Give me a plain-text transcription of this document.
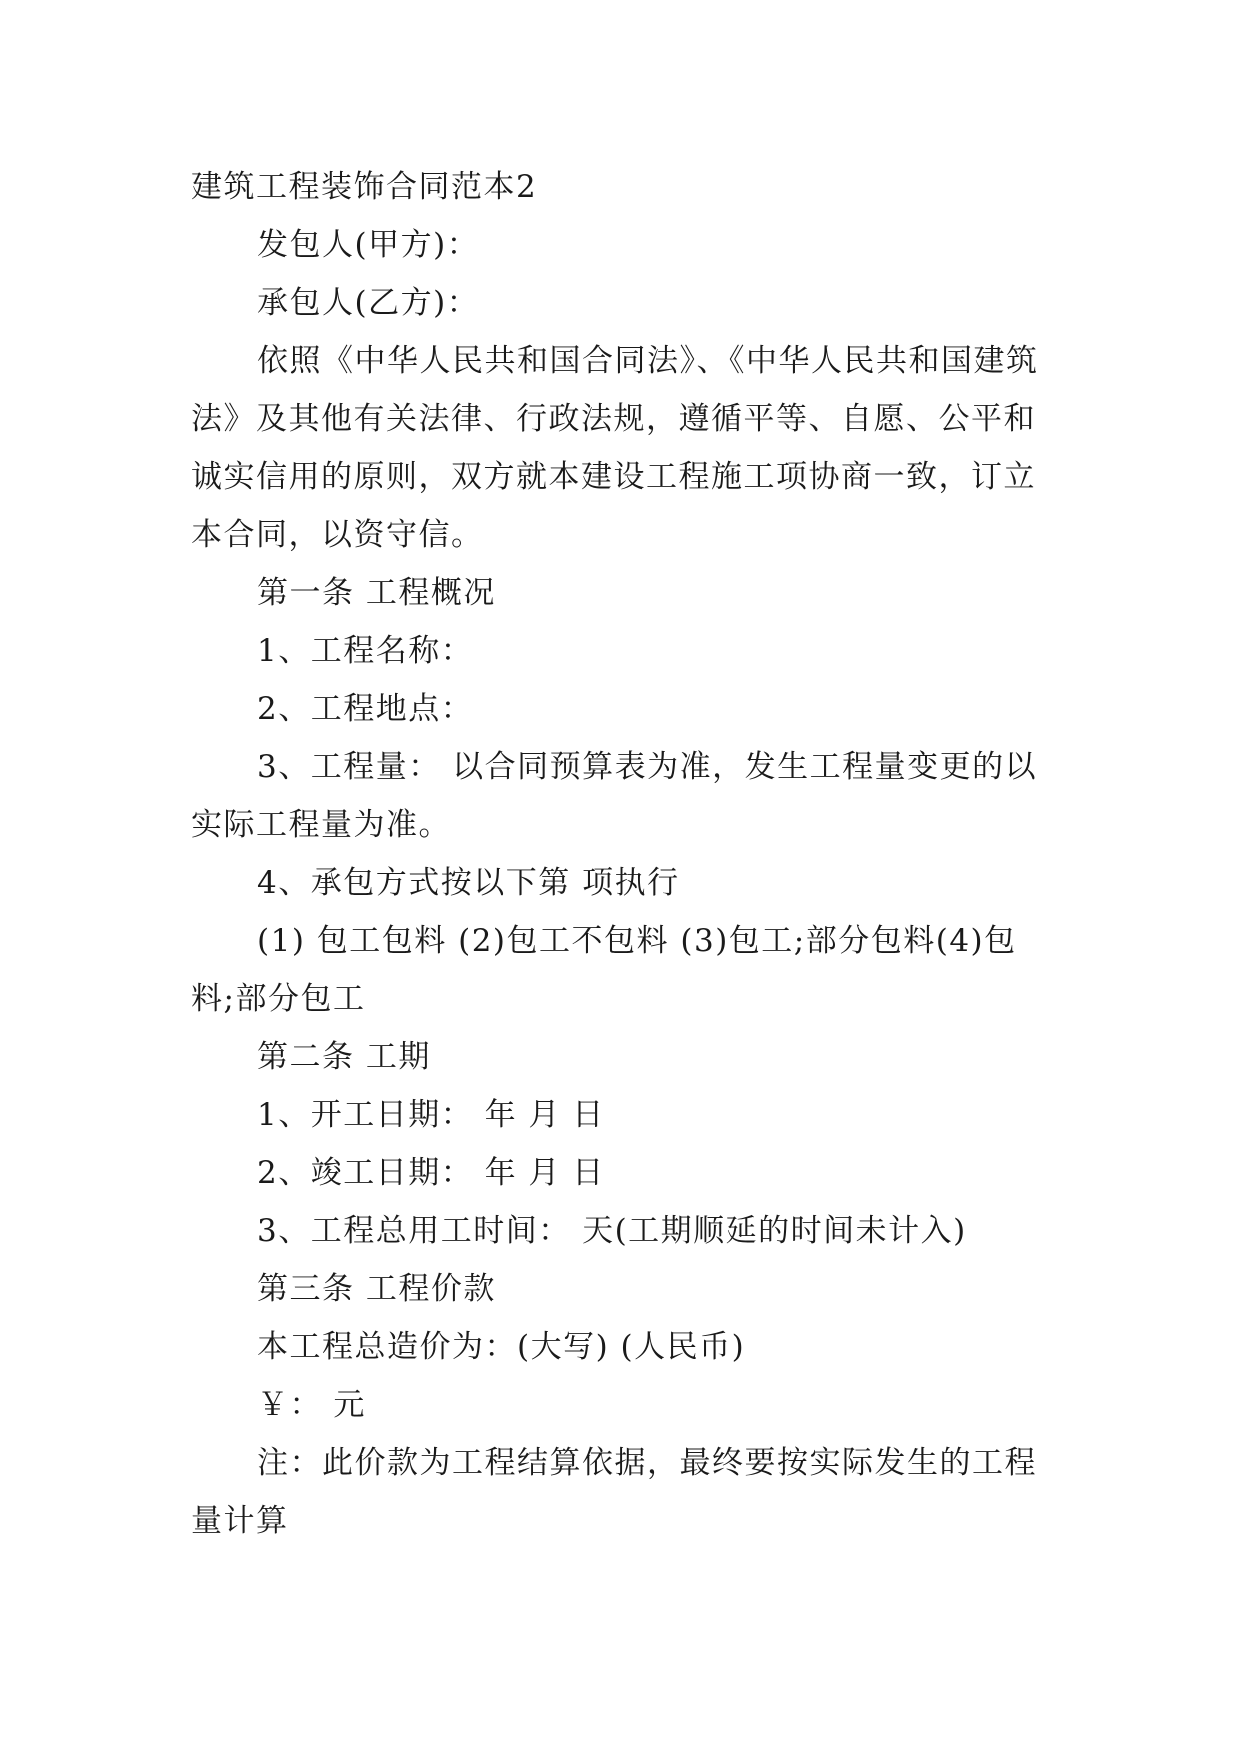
建筑工程装饰合同范本2
发包人(甲方)：
承包人(乙方)：
依照《中华人民共和国合同法》、《中华人民共和国建筑
法》及其他有关法律、行政法规，遵循平等、自愿、公平和
诚实信用的原则，双方就本建设工程施工项协商一致，订立
本合同，以资守信。
第一条 工程概况
1、工程名称：
2、工程地点：
3、工程量： 以合同预算表为准，发生工程量变更的以
实际工程量为准。
4、承包方式按以下第 项执行
(1) 包工包料 (2)包工不包料 (3)包工;部分包料(4)包
料;部分包工
第二条 工期
1、开工日期： 年 月 日
2、竣工日期： 年 月 日
3、工程总用工时间： 天(工期顺延的时间未计入)
第三条 工程价款
本工程总造价为：(大写) (人民币)
￥： 元
注：此价款为工程结算依据，最终要按实际发生的工程
量计算
